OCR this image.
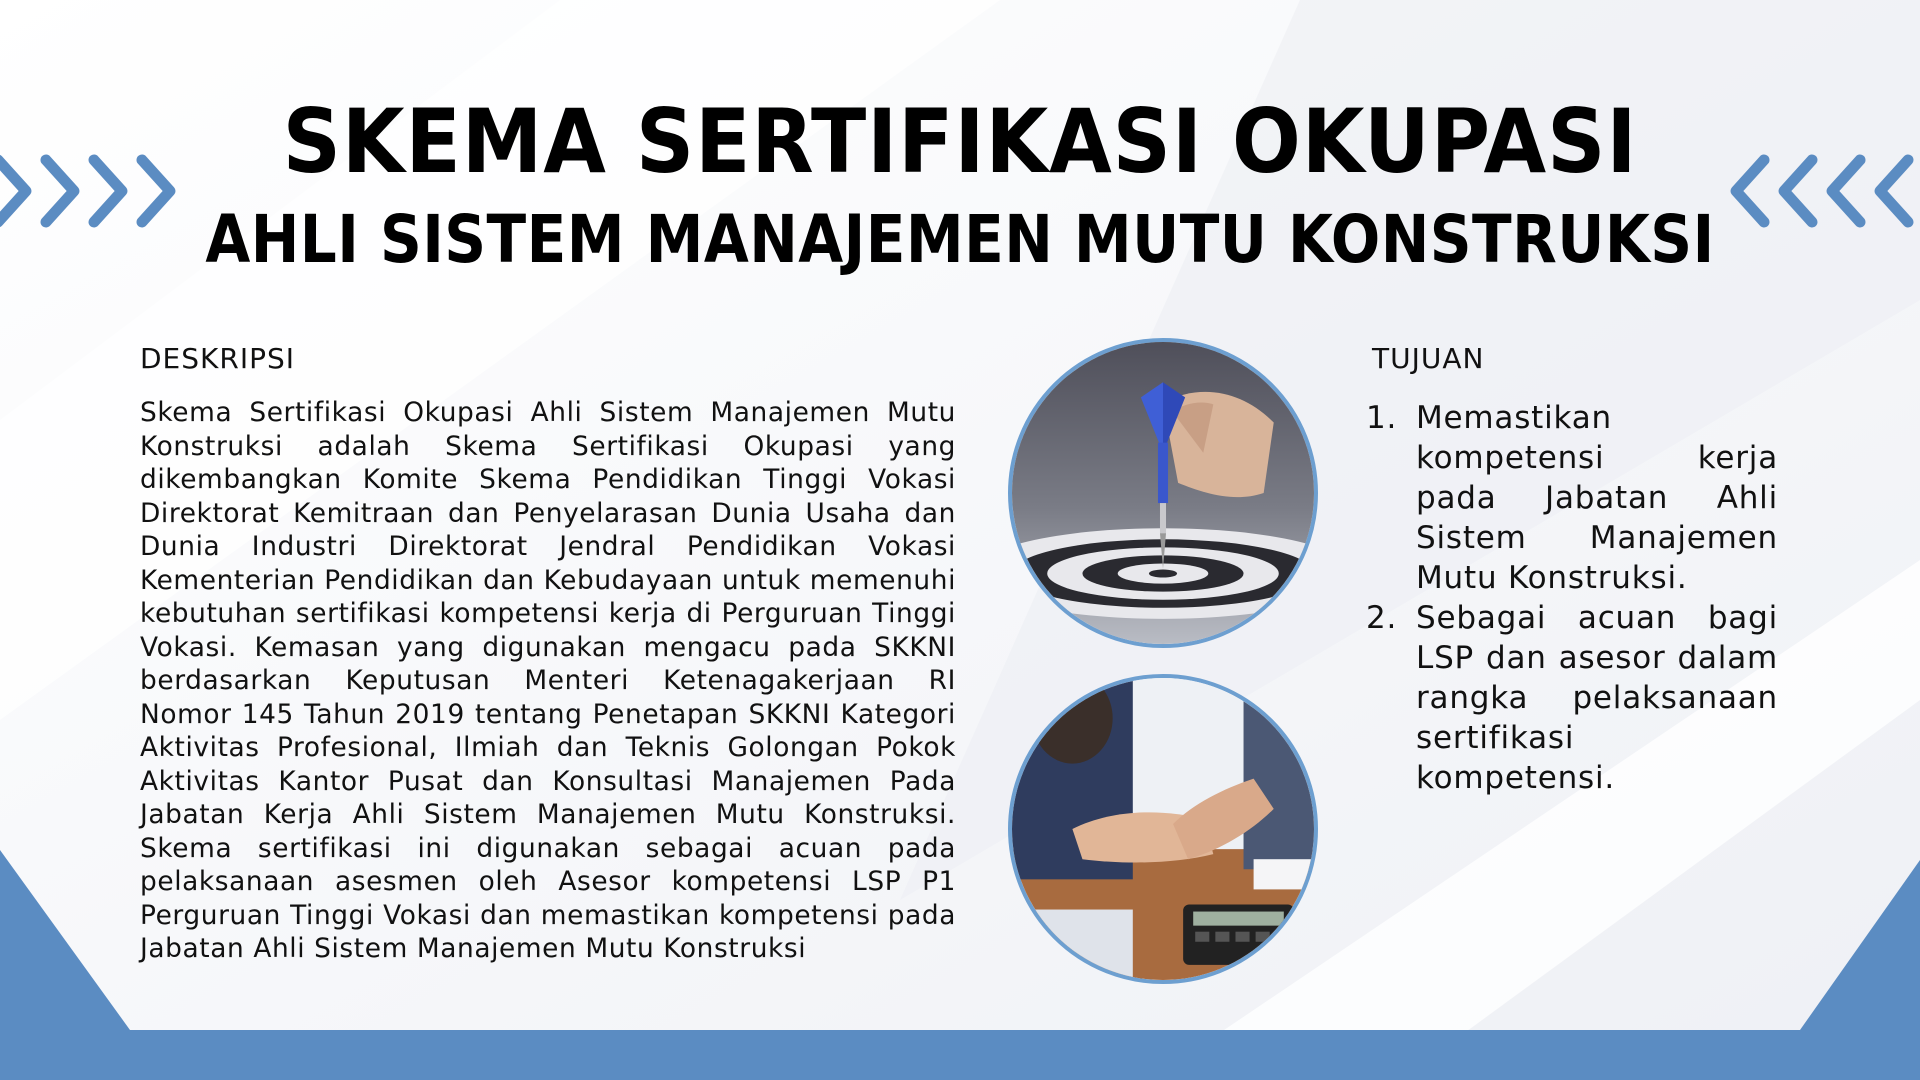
SKEMA SERTIFIKASI OKUPASI
AHLI SISTEM MANAJEMEN MUTU KONSTRUKSI
DESKRIPSI
Skema Sertifikasi Okupasi Ahli Sistem Manajemen Mutu Konstruksi adalah Skema Sertifikasi Okupasi yang dikembangkan Komite Skema Pendidikan Tinggi Vokasi Direktorat Kemitraan dan Penyelarasan Dunia Usaha dan Dunia Industri Direktorat Jendral Pendidikan Vokasi Kementerian Pendidikan dan Kebudayaan untuk memenuhi kebutuhan sertifikasi kompetensi kerja di Perguruan Tinggi Vokasi. Kemasan yang digunakan mengacu pada SKKNI berdasarkan Keputusan Menteri Ketenagakerjaan RI Nomor 145 Tahun 2019 tentang Penetapan SKKNI Kategori Aktivitas Profesional, Ilmiah dan Teknis Golongan Pokok Aktivitas Kantor Pusat dan Konsultasi Manajemen Pada Jabatan Kerja Ahli Sistem Manajemen Mutu Konstruksi. Skema sertifikasi ini digunakan sebagai acuan pada pelaksanaan asesmen oleh Asesor kompetensi LSP P1 Perguruan Tinggi Vokasi dan memastikan kompetensi pada Jabatan Ahli Sistem Manajemen Mutu Konstruksi
TUJUAN
1. Memastikan kompetensi kerja pada Jabatan Ahli Sistem Manajemen Mutu Konstruksi.
2. Sebagai acuan bagi LSP dan asesor dalam rangka pelaksanaan sertifikasi kompetensi.
